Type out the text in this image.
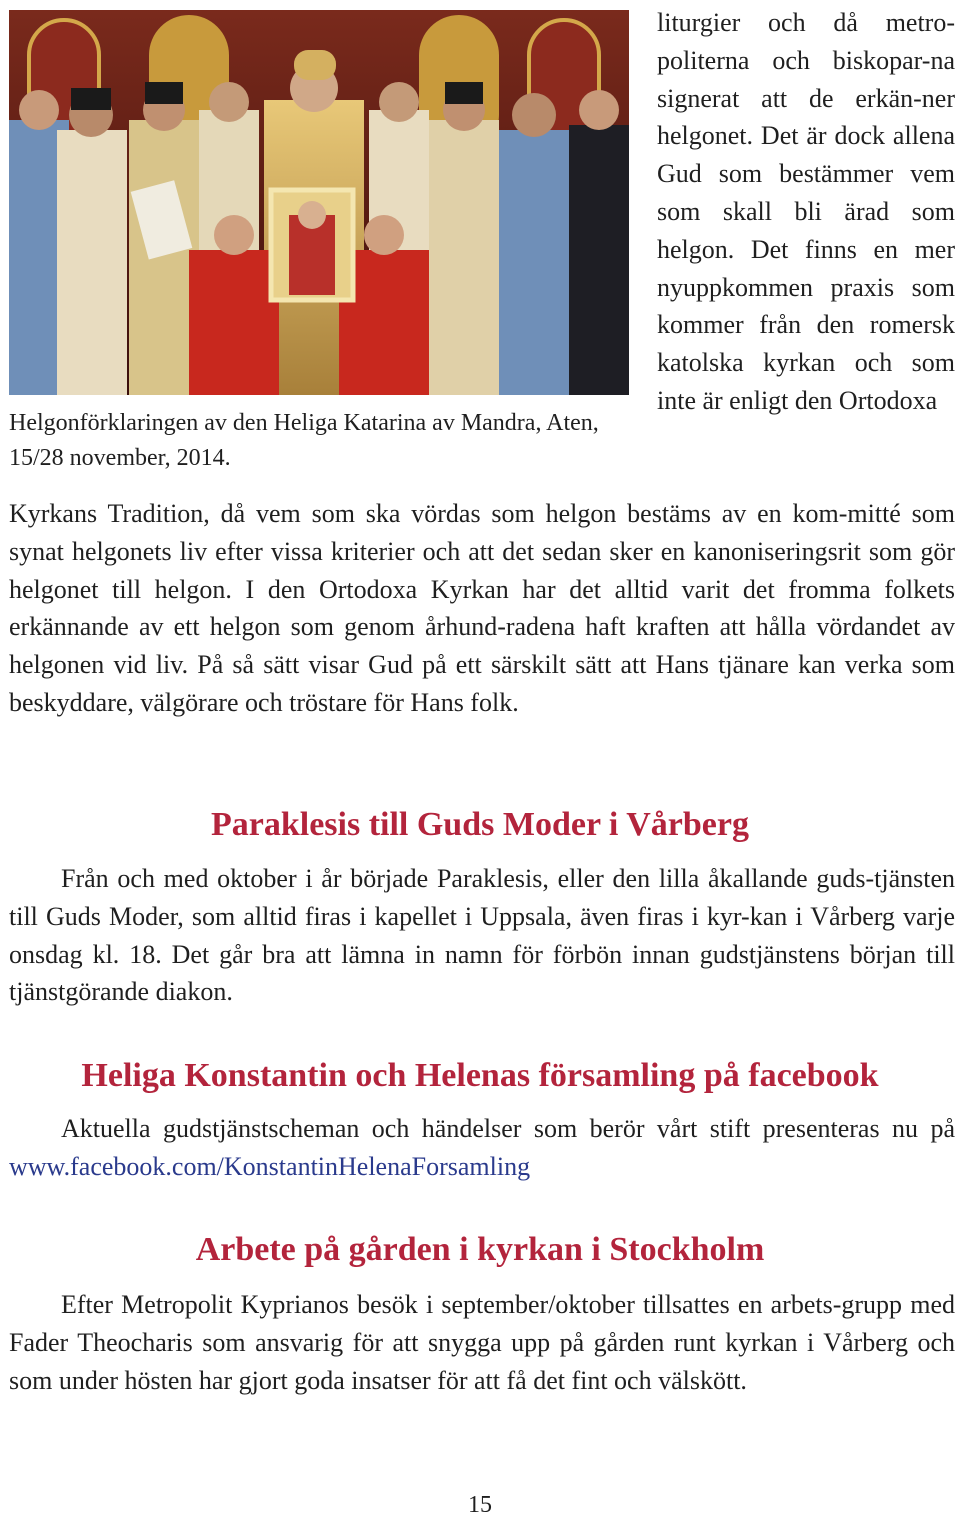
Helgonförklaringen av den Heliga Katarina av Mandra, Aten, 15/28 november, 2014.
liturgier och då metro-politerna och biskopar-na signerat att de erkän-ner helgonet. Det är dock allena Gud som bestämmer vem som skall bli ärad som helgon. Det finns en mer nyuppkommen praxis som kommer från den romersk katolska kyrkan och som inte är enligt den Ortodoxa
Kyrkans Tradition, då vem som ska vördas som helgon bestäms av en kom-mitté som synat helgonets liv efter vissa kriterier och att det sedan sker en kanoniseringsrit som gör helgonet till helgon. I den Ortodoxa Kyrkan har det alltid varit det fromma folkets erkännande av ett helgon som genom århund-radena haft kraften att hålla vördandet av helgonen vid liv. På så sätt visar Gud på ett särskilt sätt att Hans tjänare kan verka som beskyddare, välgörare och tröstare för Hans folk.
Paraklesis till Guds Moder i Vårberg
Från och med oktober i år började Paraklesis, eller den lilla åkallande guds-tjänsten till Guds Moder, som alltid firas i kapellet i Uppsala, även firas i kyr-kan i Vårberg varje onsdag kl. 18. Det går bra att lämna in namn för förbön innan gudstjänstens början till tjänstgörande diakon.
Heliga Konstantin och Helenas församling på facebook
Aktuella gudstjänstscheman och händelser som berör vårt stift presenteras nu på www.facebook.com/KonstantinHelenaForsamling
Arbete på gården i kyrkan i Stockholm
Efter Metropolit Kyprianos besök i september/oktober tillsattes en arbets-grupp med Fader Theocharis som ansvarig för att snygga upp på gården runt kyrkan i Vårberg och som under hösten har gjort goda insatser för att få det fint och välskött.
15
